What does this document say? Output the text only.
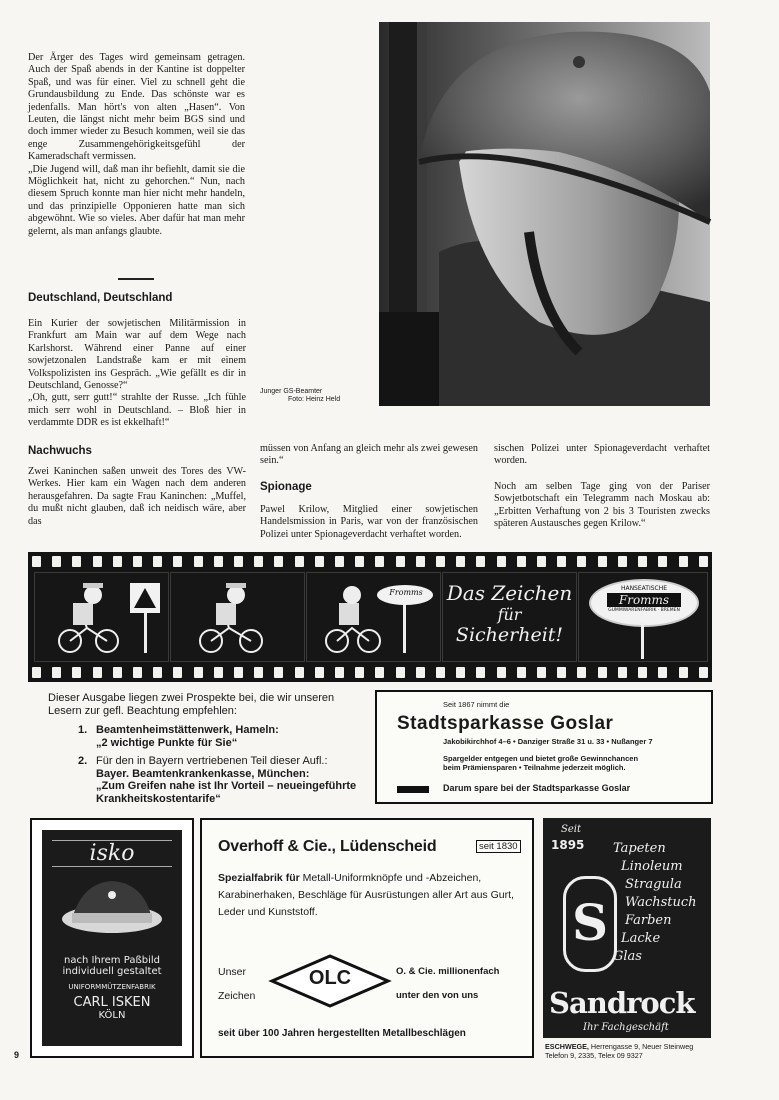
Der Ärger des Tages wird gemeinsam getragen. Auch der Spaß abends in der Kantine ist doppelter Spaß, und was für einer. Viel zu schnell geht die Grundausbildung zu Ende. Das schönste war es jedenfalls. Man hört's von alten „Hasen“. Von Leuten, die längst nicht mehr beim BGS sind und doch immer wieder zu Besuch kommen, weil sie das enge Zusammengehörigkeitsgefühl der Kameradschaft vermissen.

„Die Jugend will, daß man ihr befiehlt, damit sie die Möglichkeit hat, nicht zu gehorchen.“ Nun, nach diesem Spruch konnte man hier nicht mehr handeln, und das prinzipielle Opponieren hatte man sich abgewöhnt. Wie so vieles. Aber dafür hat man mehr gelernt, als man anfangs glaubte.

Deutschland, Deutschland

Ein Kurier der sowjetischen Militärmission in Frankfurt am Main war auf dem Wege nach Karlshorst. Während einer Panne auf einer sowjetzonalen Landstraße kam er mit einem Volkspolizisten ins Gespräch. „Wie gefällt es dir in Deutschland, Genosse?“

„Oh, gutt, serr gutt!“ strahlte der Russe. „Ich fühle mich serr wohl in Deutschland. – Bloß hier in verdammte DDR es ist ekkelhaft!“

Junger GS-Beamter
Foto: Heinz Held
Nachwuchs
Zwei Kaninchen saßen unweit des Tores des VW-Werkes. Hier kam ein Wagen nach dem anderen herausgefahren. Da sagte Frau Kaninchen: „Muffel, du mußt nicht glauben, daß ich neidisch wäre, aber das
müssen von Anfang an gleich mehr als zwei gewesen sein.“
Spionage
Pawel Krilow, Mitglied einer sowjetischen Handelsmission in Paris, war von der französischen Polizei unter Spionageverdacht verhaftet worden.
sischen Polizei unter Spionageverdacht verhaftet worden.
Noch am selben Tage ging von der Pariser Sowjetbotschaft ein Telegramm nach Moskau ab: „Erbitten Verhaftung von 2 bis 3 Touristen zwecks späteren Austausches gegen Krilow.“
Fromms Das Zeichen
für
Sicherheit!
HANSEATISCHE
Fromms
GUMMIWARENFABRIK · BREMEN
Dieser Ausgabe liegen zwei Prospekte bei, die wir unseren Lesern zur gefl. Beachtung empfehlen:
1. Beamtenheimstättenwerk, Hameln:
„2 wichtige Punkte für Sie“
2. Für den in Bayern vertriebenen Teil dieser Aufl.:
Bayer. Beamtenkrankenkasse, München:
„Zum Greifen nahe ist Ihr Vorteil – neueingeführte Krankheitskostentarife“
Seit 1867 nimmt die
Stadtsparkasse Goslar
Jakobikirchhof 4–6 • Danziger Straße 31 u. 33 • Nußanger 7
Spargelder entgegen und bietet große Gewinnchancen
beim Prämiensparen • Teilnahme jederzeit möglich.
Darum spare bei der Stadtsparkasse Goslar
isko
nach Ihrem Paßbild
individuell gestaltet
UNIFORMMÜTZENFABRIK
CARL ISKEN
KÖLN
Overhoff & Cie., Lüdenscheid	seit 1830
Spezialfabrik für Metall-Uniformknöpfe und -Abzeichen, Karabinerhaken, Beschläge für Ausrüstungen aller Art aus Gurt, Leder und Kunststoff.
Unser
Zeichen
OLC	O. & Cie. millionenfach
unter den von uns
seit über 100 Jahren hergestellten Metallbeschlägen
Seit
1895 Tapeten
Linoleum
Stragula
Wachstuch
Farben
Lacke
Glas
S
Sandrock
Ihr Fachgeschäft
ESCHWEGE, Herrengasse 9, Neuer Steinweg Telefon 9, 2335, Telex 09 9327
9
